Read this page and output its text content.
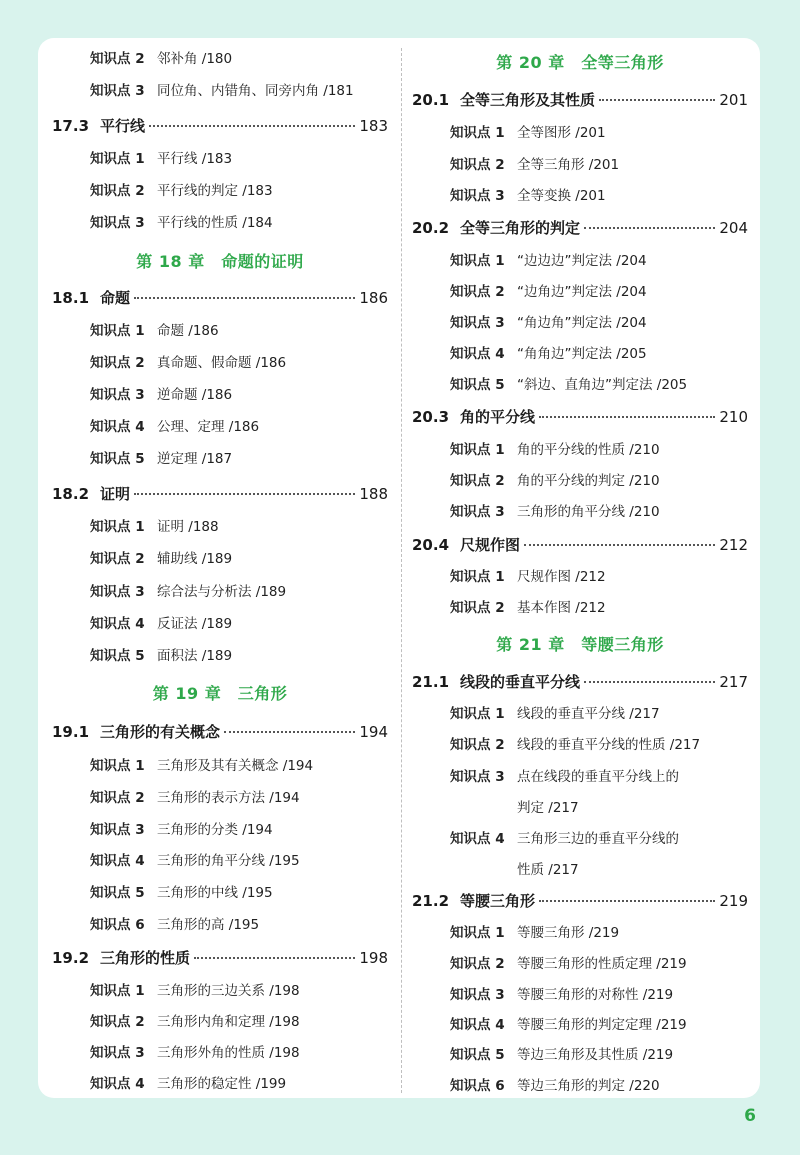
知识点 2 邻补角 /180
知识点 3 同位角、内错角、同旁内角 /181
17.3 平行线	183
知识点 1 平行线 /183
知识点 2 平行线的判定 /183
知识点 3 平行线的性质 /184
第 18 章　命题的证明
18.1 命题	186
知识点 1 命题 /186
知识点 2 真命题、假命题 /186
知识点 3 逆命题 /186
知识点 4 公理、定理 /186
知识点 5 逆定理 /187
18.2 证明	188
知识点 1 证明 /188
知识点 2 辅助线 /189
知识点 3 综合法与分析法 /189
知识点 4 反证法 /189
知识点 5 面积法 /189
第 19 章　三角形
19.1 三角形的有关概念	194
知识点 1 三角形及其有关概念 /194
知识点 2 三角形的表示方法 /194
知识点 3 三角形的分类 /194
知识点 4 三角形的角平分线 /195
知识点 5 三角形的中线 /195
知识点 6 三角形的高 /195
19.2 三角形的性质	198
知识点 1 三角形的三边关系 /198
知识点 2 三角形内角和定理 /198
知识点 3 三角形外角的性质 /198
知识点 4 三角形的稳定性 /199
第 20 章　全等三角形
20.1 全等三角形及其性质	201
知识点 1 全等图形 /201
知识点 2 全等三角形 /201
知识点 3 全等变换 /201
20.2 全等三角形的判定	204
知识点 1 “边边边”判定法 /204
知识点 2 “边角边”判定法 /204
知识点 3 “角边角”判定法 /204
知识点 4 “角角边”判定法 /205
知识点 5 “斜边、直角边”判定法 /205
20.3 角的平分线	210
知识点 1 角的平分线的性质 /210
知识点 2 角的平分线的判定 /210
知识点 3 三角形的角平分线 /210
20.4 尺规作图	212
知识点 1 尺规作图 /212
知识点 2 基本作图 /212
第 21 章　等腰三角形
21.1 线段的垂直平分线	217
知识点 1 线段的垂直平分线 /217
知识点 2 线段的垂直平分线的性质 /217
知识点 3 点在线段的垂直平分线上的
判定 /217
知识点 4 三角形三边的垂直平分线的
性质 /217
21.2 等腰三角形	219
知识点 1 等腰三角形 /219
知识点 2 等腰三角形的性质定理 /219
知识点 3 等腰三角形的对称性 /219
知识点 4 等腰三角形的判定定理 /219
知识点 5 等边三角形及其性质 /219
知识点 6 等边三角形的判定 /220
6
